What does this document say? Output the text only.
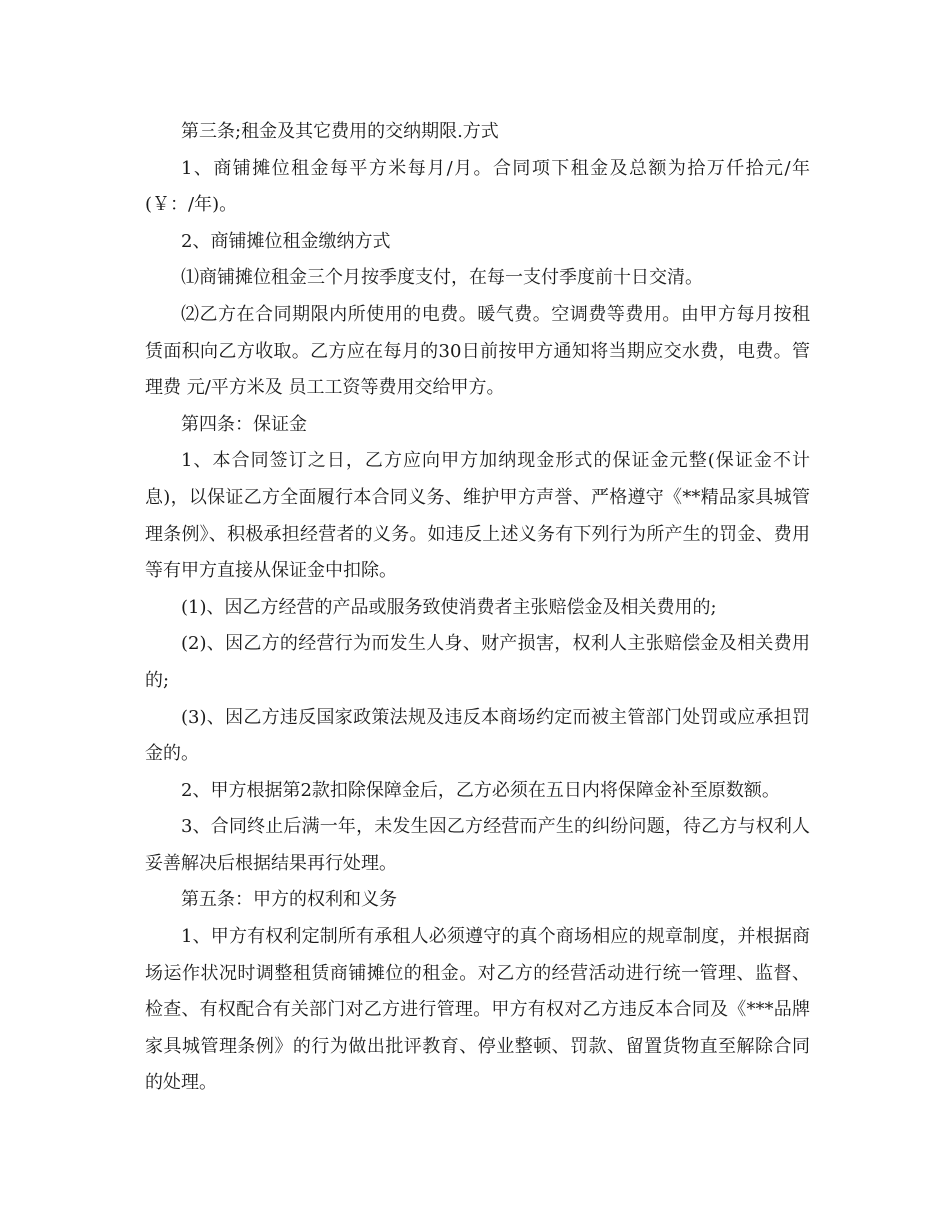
第三条;租金及其它费用的交纳期限.方式

1、商铺摊位租金每平方米每月/月。合同项下租金及总额为拾万仟拾元/年(￥：/年)。

2、商铺摊位租金缴纳方式

⑴商铺摊位租金三个月按季度支付，在每一支付季度前十日交清。

⑵乙方在合同期限内所使用的电费。暖气费。空调费等费用。由甲方每月按租赁面积向乙方收取。乙方应在每月的30日前按甲方通知将当期应交水费，电费。管理费 元/平方米及 员工工资等费用交给甲方。

第四条：保证金

1、本合同签订之日，乙方应向甲方加纳现金形式的保证金元整(保证金不计息)，以保证乙方全面履行本合同义务、维护甲方声誉、严格遵守《**精品家具城管理条例》、积极承担经营者的义务。如违反上述义务有下列行为所产生的罚金、费用等有甲方直接从保证金中扣除。

(1)、因乙方经营的产品或服务致使消费者主张赔偿金及相关费用的;

(2)、因乙方的经营行为而发生人身、财产损害，权利人主张赔偿金及相关费用的;

(3)、因乙方违反国家政策法规及违反本商场约定而被主管部门处罚或应承担罚金的。

2、甲方根据第2款扣除保障金后，乙方必须在五日内将保障金补至原数额。

3、合同终止后满一年，未发生因乙方经营而产生的纠纷问题，待乙方与权利人妥善解决后根据结果再行处理。

第五条：甲方的权利和义务

1、甲方有权利定制所有承租人必须遵守的真个商场相应的规章制度，并根据商场运作状况时调整租赁商铺摊位的租金。对乙方的经营活动进行统一管理、监督、检查、有权配合有关部门对乙方进行管理。甲方有权对乙方违反本合同及《***品牌家具城管理条例》的行为做出批评教育、停业整顿、罚款、留置货物直至解除合同的处理。
